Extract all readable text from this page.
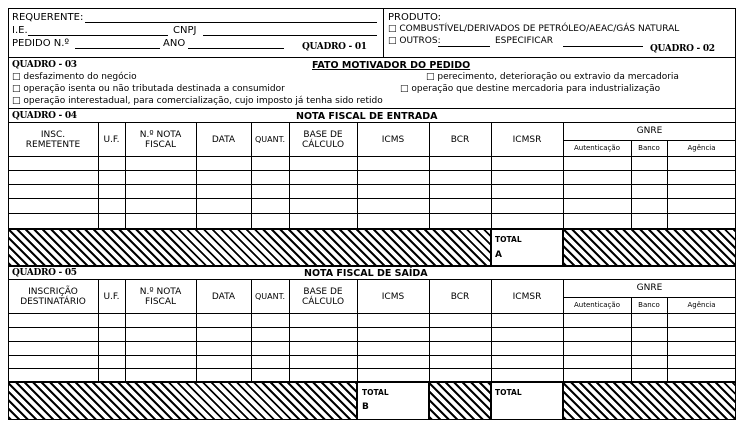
REQUERENTE:
I.E.	CNPJ
PEDIDO N.º	ANO	QUADRO - 01
PRODUTO:
□ COMBUSTÍVEL/DERIVADOS DE PETRÓLEO/AEAC/GÁS NATURAL
□ OUTROS:	ESPECIFICAR
QUADRO - 02
QUADRO - 03	FATO MOTIVADOR DO PEDIDO
□ desfazimento do negócio	□ perecimento, deterioração ou extravio da mercadoria
□ operação isenta ou não tributada destinada a consumidor	□ operação que destine mercadoria para industrialização
□ operação interestadual, para comercialização, cujo imposto já tenha sido retido
QUADRO - 04	NOTA FISCAL DE ENTRADA
INSC. REMETENTE	U.F.	N.º NOTA FISCAL	DATA	QUANT.	BASE DE CÁLCULO	ICMS	BCR	ICMSR
GNRE
Autenticação	Banco	Agência
TOTAL
A
QUADRO - 05	NOTA FISCAL DE SAÍDA
INSCRIÇÃO DESTINATÁRIO	U.F.	N.º NOTA FISCAL	DATA	QUANT.	BASE DE CÁLCULO	ICMS	BCR	ICMSR
GNRE
Autenticação	Banco	Agência
TOTAL
B
TOTAL
